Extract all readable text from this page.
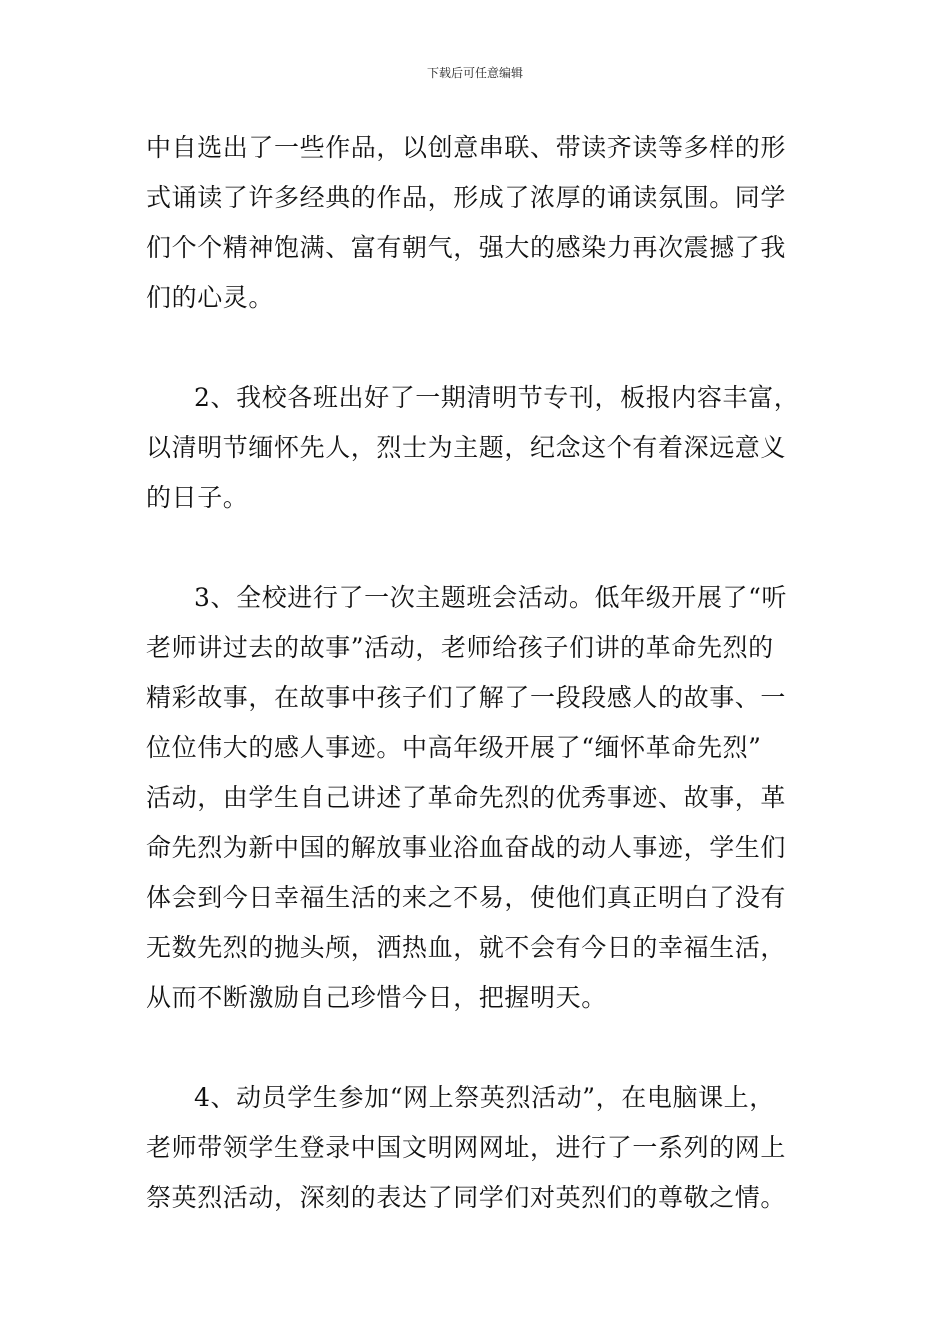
下载后可任意编辑
中自选出了一些作品，以创意串联、带读齐读等多样的形
式诵读了许多经典的作品，形成了浓厚的诵读氛围。同学
们个个精神饱满、富有朝气，强大的感染力再次震撼了我
们的心灵。
2、我校各班出好了一期清明节专刊，板报内容丰富，
以清明节缅怀先人，烈士为主题，纪念这个有着深远意义
的日子。
3、全校进行了一次主题班会活动。低年级开展了“听
老师讲过去的故事”活动，老师给孩子们讲的革命先烈的
精彩故事，在故事中孩子们了解了一段段感人的故事、一
位位伟大的感人事迹。中高年级开展了“缅怀革命先烈”
活动，由学生自己讲述了革命先烈的优秀事迹、故事，革
命先烈为新中国的解放事业浴血奋战的动人事迹，学生们
体会到今日幸福生活的来之不易，使他们真正明白了没有
无数先烈的抛头颅，洒热血，就不会有今日的幸福生活，
从而不断激励自己珍惜今日，把握明天。
4、动员学生参加“网上祭英烈活动”，在电脑课上，
老师带领学生登录中国文明网网址，进行了一系列的网上
祭英烈活动，深刻的表达了同学们对英烈们的尊敬之情。
